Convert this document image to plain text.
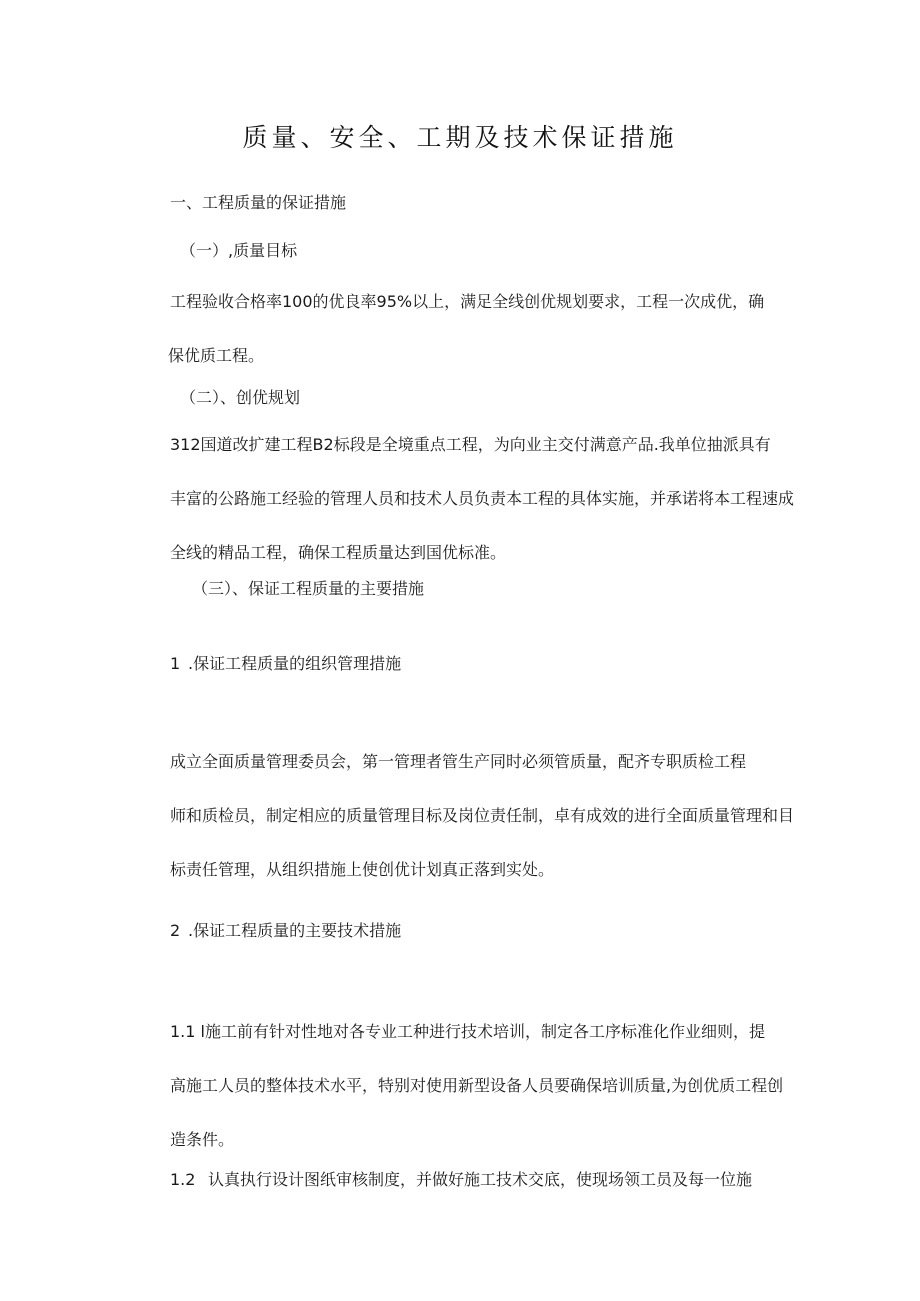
质量、安全、工期及技术保证措施

一、工程质量的保证措施

（一）,质量目标

工程验收合格率100的优良率95%以上，满足全线创优规划要求，工程一次成优，确
保优质工程。

（二）、创优规划

312国道改扩建工程B2标段是全境重点工程，为向业主交付满意产品.我单位抽派具有
丰富的公路施工经验的管理人员和技术人员负责本工程的具体实施，并承诺将本工程速成
全线的精品工程，确保工程质量达到国优标准。

（三）、保证工程质量的主要措施

1 .保证工程质量的组织管理措施

成立全面质量管理委员会，第一管理者管生产同时必须管质量，配齐专职质检工程
师和质检员，制定相应的质量管理目标及岗位责任制，卓有成效的进行全面质量管理和目
标责任管理，从组织措施上使创优计划真正落到实处。

2 .保证工程质量的主要技术措施

1.1 l施工前有针对性地对各专业工种进行技术培训，制定各工序标准化作业细则，提
高施工人员的整体技术水平，特别对使用新型设备人员要确保培训质量,为创优质工程创
造条件。

1.2 认真执行设计图纸审核制度，并做好施工技术交底，使现场领工员及每一位施
